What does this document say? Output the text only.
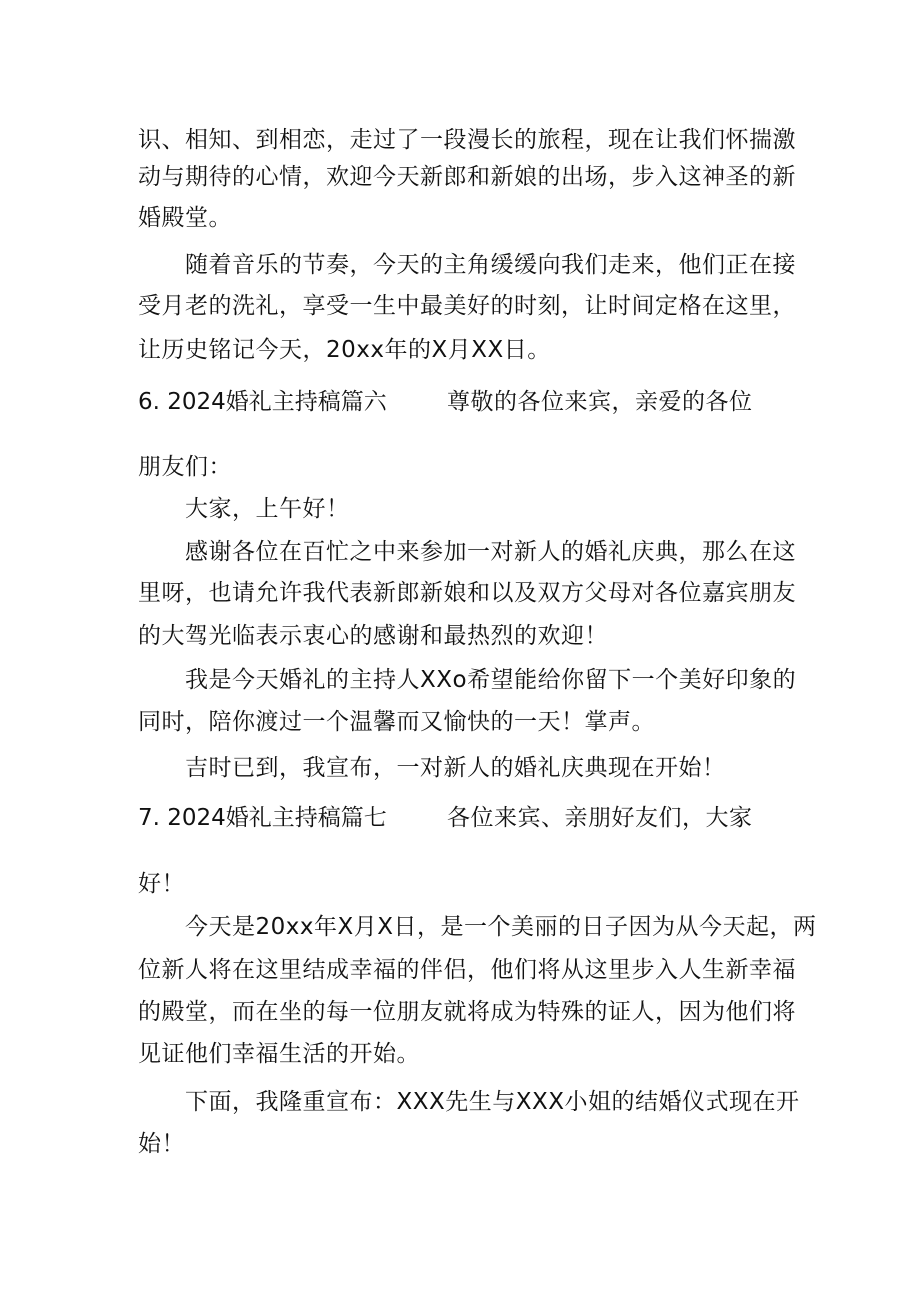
识、相知、到相恋，走过了一段漫长的旅程，现在让我们怀揣激
动与期待的心情，欢迎今天新郎和新娘的出场，步入这神圣的新
婚殿堂。
随着音乐的节奏，今天的主角缓缓向我们走来，他们正在接
受月老的洗礼，享受一生中最美好的时刻，让时间定格在这里，
让历史铭记今天，20xx年的X月XX日。
6. 2024婚礼主持稿篇六	尊敬的各位来宾，亲爱的各位
朋友们：
大家，上午好！
感谢各位在百忙之中来参加一对新人的婚礼庆典，那么在这
里呀，也请允许我代表新郎新娘和以及双方父母对各位嘉宾朋友
的大驾光临表示衷心的感谢和最热烈的欢迎！
我是今天婚礼的主持人XXo希望能给你留下一个美好印象的
同时，陪你渡过一个温馨而又愉快的一天！掌声。
吉时已到，我宣布，一对新人的婚礼庆典现在开始！
7. 2024婚礼主持稿篇七	各位来宾、亲朋好友们，大家
好！
今天是20xx年X月X日，是一个美丽的日子因为从今天起，两
位新人将在这里结成幸福的伴侣，他们将从这里步入人生新幸福
的殿堂，而在坐的每一位朋友就将成为特殊的证人，因为他们将
见证他们幸福生活的开始。
下面，我隆重宣布：XXX先生与XXX小姐的结婚仪式现在开
始！
